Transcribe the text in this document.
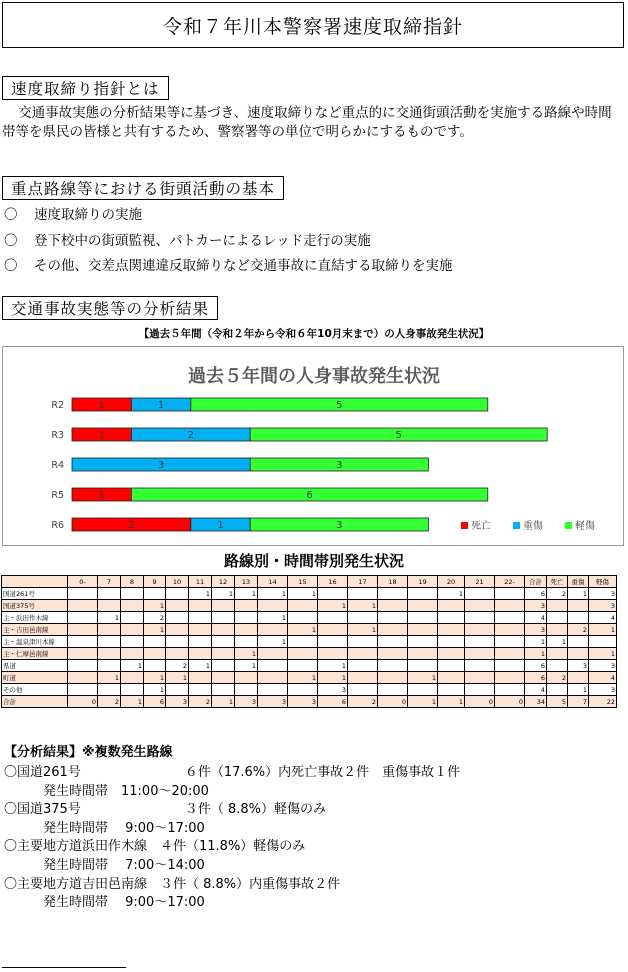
令和７年川本警察署速度取締指針
速度取締り指針とは
交通事故実態の分析結果等に基づき、速度取締りなど重点的に交通街頭活動を実施する路線や時間帯等を県民の皆様と共有するため、警察署等の単位で明らかにするものです。
重点路線等における街頭活動の基本
〇 速度取締りの実施
〇 登下校中の街頭監視、パトカーによるレッド走行の実施
〇 その他、交差点関連違反取締りなど交通事故に直結する取締りを実施
交通事故実態等の分析結果
【過去５年間（令和２年から令和６年10月末まで）の人身事故発生状況】
過去５年間の人身事故発生状況
R2	1	1	5
R3	1	2	5
R4	3	3
R5	1	6
R6	2	1	3	死亡	重傷	軽傷
路線別・時間帯別発生状況
	0-	7	8	9	10	11	12	13	14	15	16	17	18	19	20	21	22-	合計	死亡	重傷	軽傷
国道261号						1	1	1	1	1					1			6	2	1	3
国道375号				1							1	1						3			3
主・浜田作木線		1		2					1									4			4
主・吉田邑南線				1						1		1						3		2	1
主・温泉津川本線									1									1	1		
主・仁摩邑南線								1										1			1
県道			1		2	1		1			1							6		3	3
町道		1		1	1					1	1			1				6	2		4
その他				1							3							4		1	3
合計	0	2	1	6	3	2	1	3	3	3	6	2	0	1	1	0	0	34	5	7	22
【分析結果】※複数発生路線
〇国道261号　　　　　　　　６件（17.6%）内死亡事故２件　重傷事故１件
　　　発生時間帯　11:00〜20:00
〇国道375号　　　　　　　　３件（ 8.8%）軽傷のみ
　　　発生時間帯　 9:00〜17:00
〇主要地方道浜田作木線　４件（11.8%）軽傷のみ
　　　発生時間帯　 7:00〜14:00
〇主要地方道吉田邑南線　３件（ 8.8%）内重傷事故２件
　　　発生時間帯　 9:00〜17:00
